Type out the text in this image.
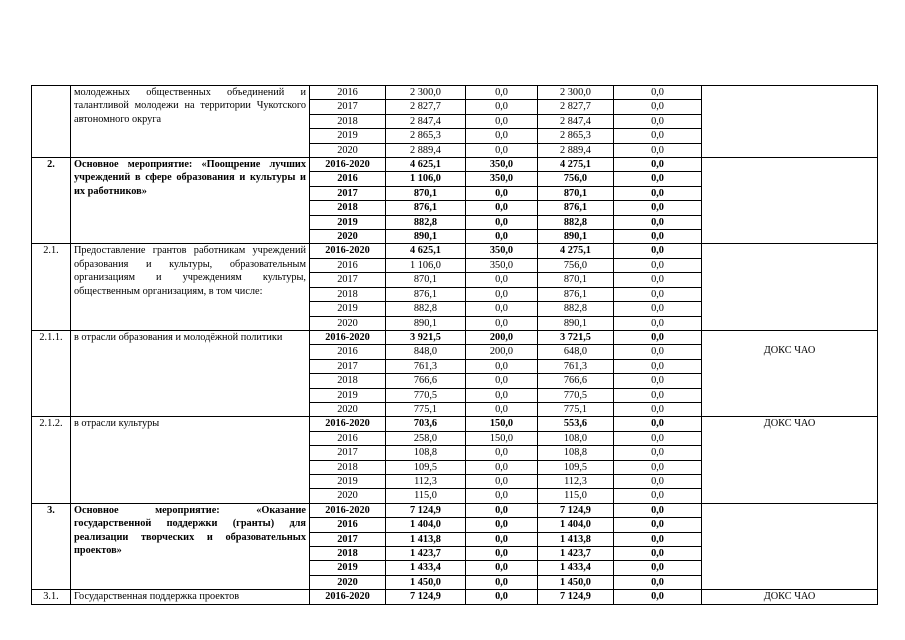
	молодежных общественных объединений и талантливой молодежи на территории Чукотского автономного округа	2016	2 300,0	0,0	2 300,0	0,0	
		2017	2 827,7	0,0	2 827,7	0,0	
		2018	2 847,4	0,0	2 847,4	0,0	
		2019	2 865,3	0,0	2 865,3	0,0	
		2020	2 889,4	0,0	2 889,4	0,0	
2.	Основное мероприятие: «Поощрение лучших учреждений в сфере образования и культуры и их работников»	2016-2020	4 625,1	350,0	4 275,1	0,0	
		2016	1 106,0	350,0	756,0	0,0	
		2017	870,1	0,0	870,1	0,0	
		2018	876,1	0,0	876,1	0,0	
		2019	882,8	0,0	882,8	0,0	
		2020	890,1	0,0	890,1	0,0	
2.1.	Предоставление грантов работникам учреждений образования и культуры, образовательным организациям и учреждениям культуры, общественным организациям, в том числе:	2016-2020	4 625,1	350,0	4 275,1	0,0	
		2016	1 106,0	350,0	756,0	0,0	
		2017	870,1	0,0	870,1	0,0	
		2018	876,1	0,0	876,1	0,0	
		2019	882,8	0,0	882,8	0,0	
		2020	890,1	0,0	890,1	0,0	
2.1.1.	в отрасли образования и молодёжной политики	2016-2020	3 921,5	200,0	3 721,5	0,0	ДОКС ЧАО
		2016	848,0	200,0	648,0	0,0	
		2017	761,3	0,0	761,3	0,0	
		2018	766,6	0,0	766,6	0,0	
		2019	770,5	0,0	770,5	0,0	
		2020	775,1	0,0	775,1	0,0	
2.1.2.	в отрасли культуры	2016-2020	703,6	150,0	553,6	0,0	ДОКС ЧАО
		2016	258,0	150,0	108,0	0,0	
		2017	108,8	0,0	108,8	0,0	
		2018	109,5	0,0	109,5	0,0	
		2019	112,3	0,0	112,3	0,0	
		2020	115,0	0,0	115,0	0,0	
3.	Основное мероприятие: «Оказание государственной поддержки (гранты) для реализации творческих и образовательных проектов»	2016-2020	7 124,9	0,0	7 124,9	0,0	
		2016	1 404,0	0,0	1 404,0	0,0	
		2017	1 413,8	0,0	1 413,8	0,0	
		2018	1 423,7	0,0	1 423,7	0,0	
		2019	1 433,4	0,0	1 433,4	0,0	
		2020	1 450,0	0,0	1 450,0	0,0	
3.1.	Государственная поддержка проектов	2016-2020	7 124,9	0,0	7 124,9	0,0	ДОКС ЧАО
